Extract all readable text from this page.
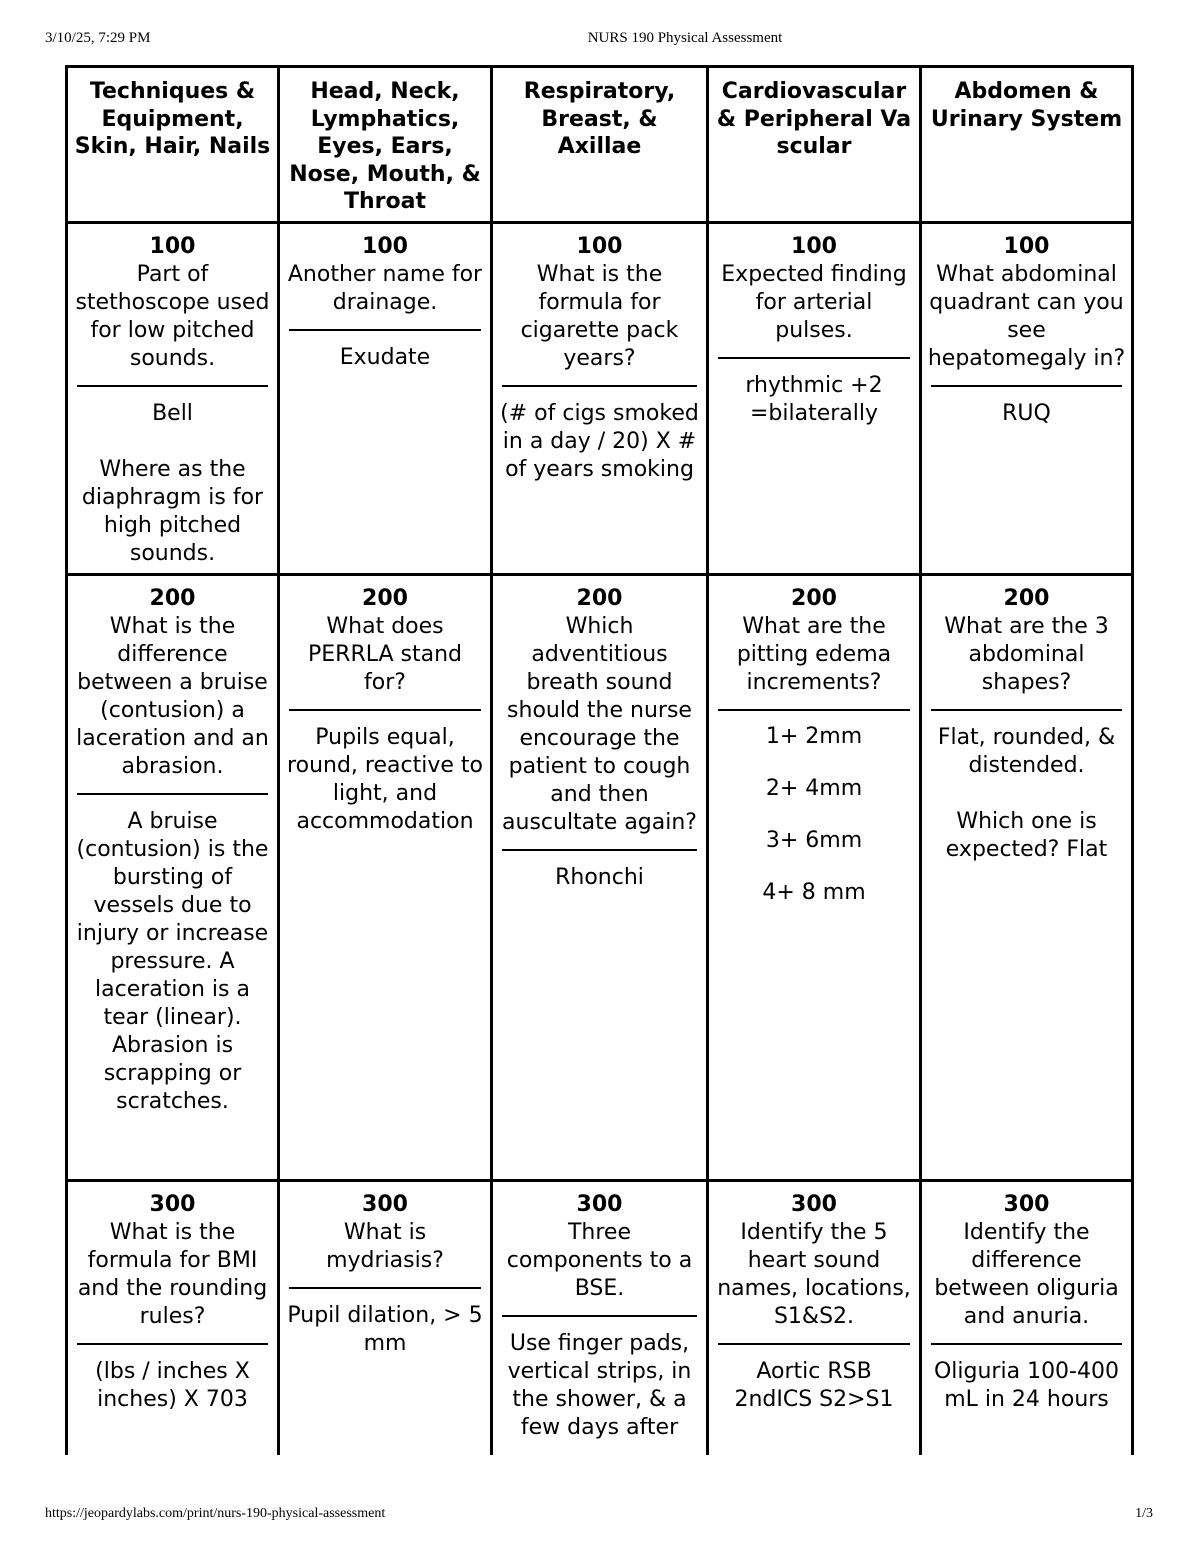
3/10/25, 7:29 PM	NURS 190 Physical Assessment
Techniques & Equipment, Skin, Hair, Nails
Head, Neck, Lymphatics, Eyes, Ears, Nose, Mouth, & Throat
Respiratory, Breast, & Axillae
Cardiovascular & Peripheral Vascular
Abdomen & Urinary System
100
Part of stethoscope used for low pitched sounds.
Bell

Where as the diaphragm is for high pitched sounds.
100
Another name for drainage.
Exudate
100
What is the formula for cigarette pack years?
(# of cigs smoked in a day / 20) X # of years smoking
100
Expected finding for arterial pulses.
rhythmic +2 =bilaterally
100
What abdominal quadrant can you see hepatomegaly in?
RUQ
200
What is the difference between a bruise (contusion) a laceration and an abrasion.
A bruise (contusion) is the bursting of vessels due to injury or increase pressure. A laceration is a tear (linear). Abrasion is scrapping or scratches.
200
What does PERRLA stand for?
Pupils equal, round, reactive to light, and accommodation
200
Which adventitious breath sound should the nurse encourage the patient to cough and then auscultate again?
Rhonchi
200
What are the pitting edema increments?
1+ 2mm

2+ 4mm

3+ 6mm

4+ 8 mm
200
What are the 3 abdominal shapes?
Flat, rounded, & distended.

Which one is expected? Flat
300
What is the formula for BMI and the rounding rules?
(lbs / inches X inches) X 703
300
What is mydriasis?
Pupil dilation, > 5 mm
300
Three components to a BSE.
Use finger pads, vertical strips, in the shower, & a few days after
300
Identify the 5 heart sound names, locations, S1&S2.
Aortic RSB 2ndICS S2>S1
300
Identify the difference between oliguria and anuria.
Oliguria 100-400 mL in 24 hours
https://jeopardylabs.com/print/nurs-190-physical-assessment	1/3
